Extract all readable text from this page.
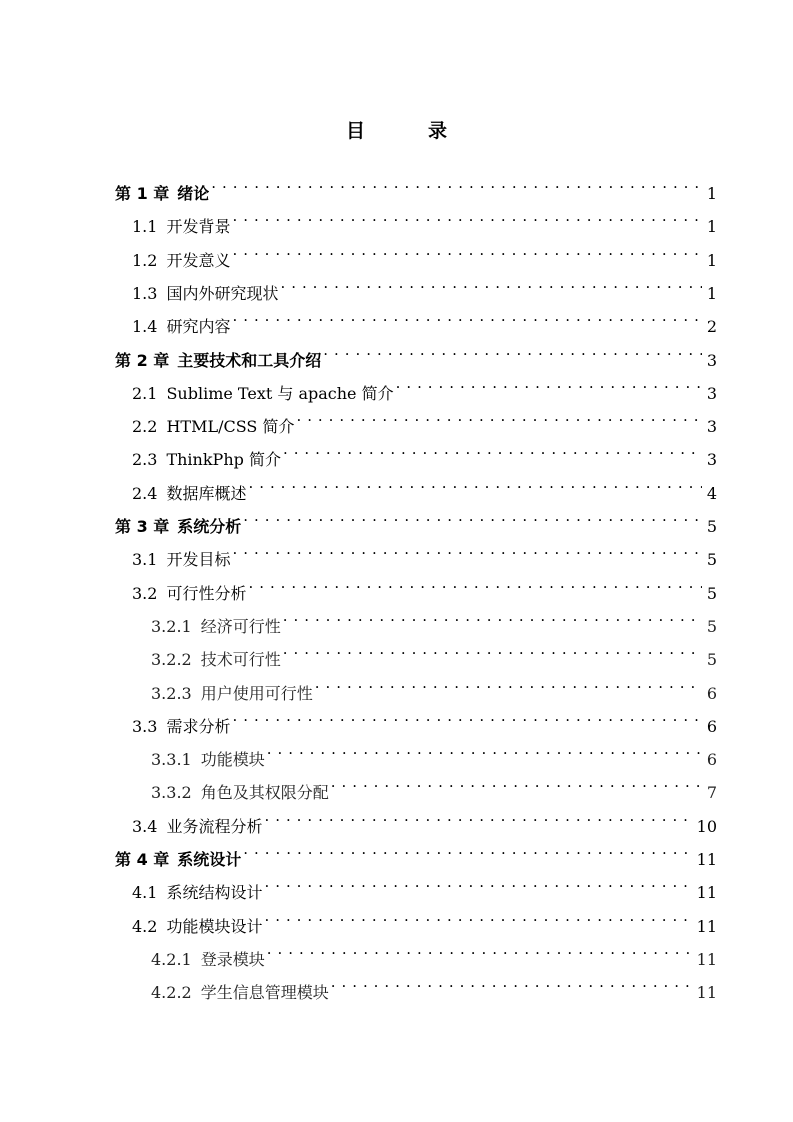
目　录
第 1 章 绪论 . . .	1
1.1 开发背景 . . .	1
1.2 开发意义 . . .	1
1.3 国内外研究现状 . . .	1
1.4 研究内容 . . .	2
第 2 章 主要技术和工具介绍 . . .	3
2.1 Sublime Text 与 apache 简介 . . .	3
2.2 HTML/CSS 简介 . . .	3
2.3 ThinkPhp 简介 . . .	3
2.4 数据库概述 . . .	4
第 3 章 系统分析 . . .	5
3.1 开发目标 . . .	5
3.2 可行性分析 . . .	5
3.2.1 经济可行性 . . .	5
3.2.2 技术可行性 . . .	5
3.2.3 用户使用可行性 . . .	6
3.3 需求分析 . . .	6
3.3.1 功能模块 . . .	6
3.3.2 角色及其权限分配 . . .	7
3.4 业务流程分析 . . .	10
第 4 章 系统设计 . . .	11
4.1 系统结构设计 . . .	11
4.2 功能模块设计 . . .	11
4.2.1 登录模块 . . .	11
4.2.2 学生信息管理模块 . . .	11
